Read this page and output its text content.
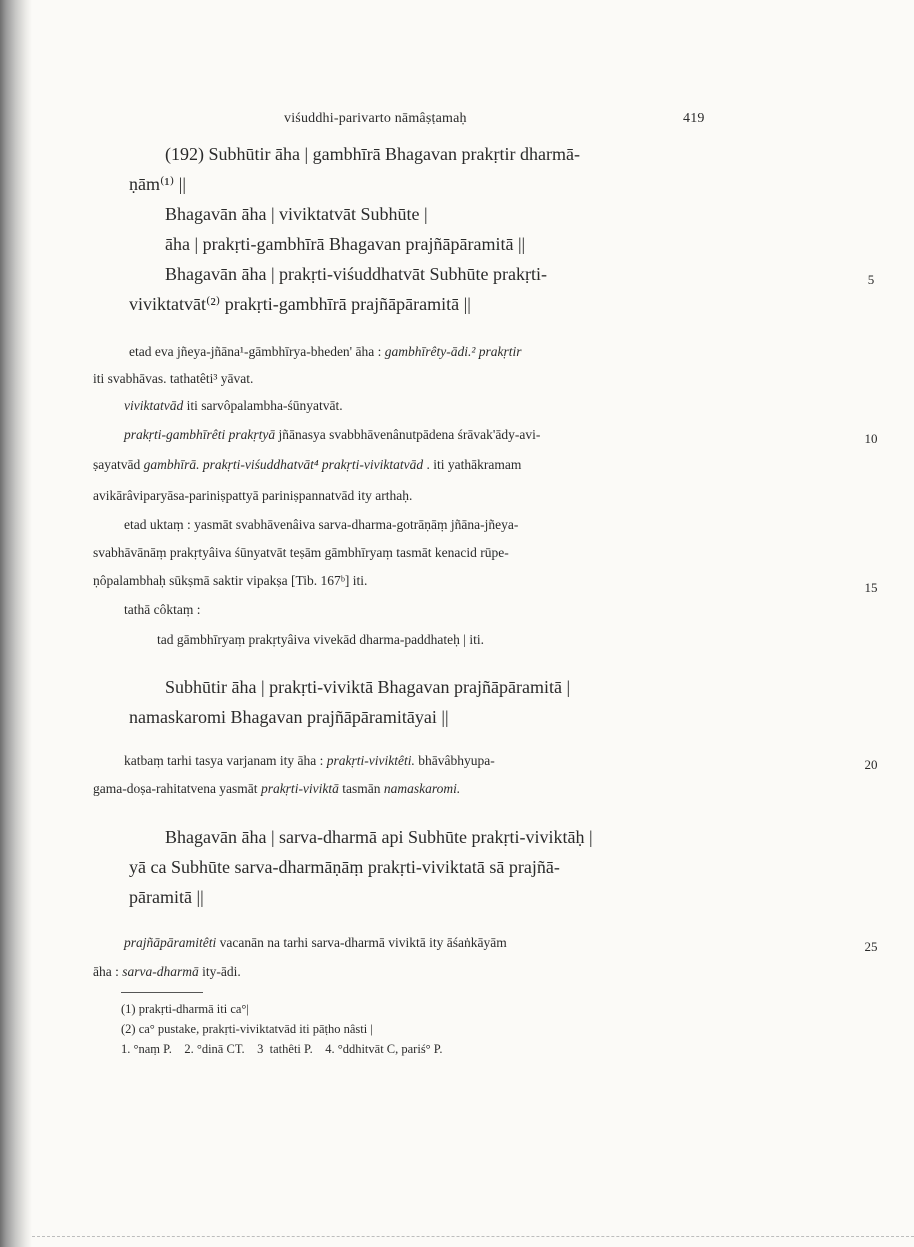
viśuddhi-parivarto nāmâṣṭamaḥ	419
(192) Subhūtir āha | gambhīrā Bhagavan prakṛtir dharmā-
ṇām⁽¹⁾ ||
Bhagavān āha | viviktatvāt Subhūte |
āha | prakṛti-gambhīrā Bhagavan prajñāpāramitā ||
Bhagavān āha | prakṛti-viśuddhatvāt Subhūte prakṛti-	5
viviktatvāt⁽²⁾ prakṛti-gambhīrā prajñāpāramitā ||
etad eva jñeya-jñāna¹-gāmbhīrya-bheden' āha : gambhīrêty-ādi.² prakṛtir
iti svabhāvas. tathatêti³ yāvat.
viviktatvād iti sarvôpalambha-śūnyatvāt.
prakṛti-gambhīrêti prakṛtyā jñānasya svabbhāvenânutpādena śrāvak'ādy-avi-	10
ṣayatvād gambhīrā. prakṛti-viśuddhatvāt⁴ prakṛti-viviktatvād . iti yathākramam
avikārâviparyāsa-pariniṣpattyā pariniṣpannatvād ity arthaḥ.
etad uktaṃ : yasmāt svabhāvenâiva sarva-dharma-gotrāṇāṃ jñāna-jñeya-
svabhāvānāṃ prakṛtyâiva śūnyatvāt teṣām gāmbhīryaṃ tasmāt kenacid rūpe-
ṇôpalambhaḥ sūkṣmā saktir vipakṣa [Tib. 167ᵇ] iti.	15
tathā côktaṃ :
tad gāmbhīryaṃ prakṛtyâiva vivekād dharma-paddhateḥ | iti.
Subhūtir āha | prakṛti-viviktā Bhagavan prajñāpāramitā |
namaskaromi Bhagavan prajñāpāramitāyai ||
katbaṃ tarhi tasya varjanam ity āha : prakṛti-viviktêti. bhāvâbhyupa-	20
gama-doṣa-rahitatvena yasmāt prakṛti-viviktā tasmān namaskaromi.
Bhagavān āha | sarva-dharmā api Subhūte prakṛti-viviktāḥ |
yā ca Subhūte sarva-dharmāṇāṃ prakṛti-viviktatā sā prajñā-
pāramitā ||
prajñāpāramitêti vacanān na tarhi sarva-dharmā viviktā ity āśaṅkāyām	25
āha : sarva-dharmā ity-ādi.
(1) prakṛti-dharmā iti ca°|
(2) ca° pustake, prakṛti-viviktatvād iti pāṭho nâsti |
1. °naṃ P.    2. °dinā CT.    3  tathêti P.    4. °ddhitvāt C, pariś° P.
